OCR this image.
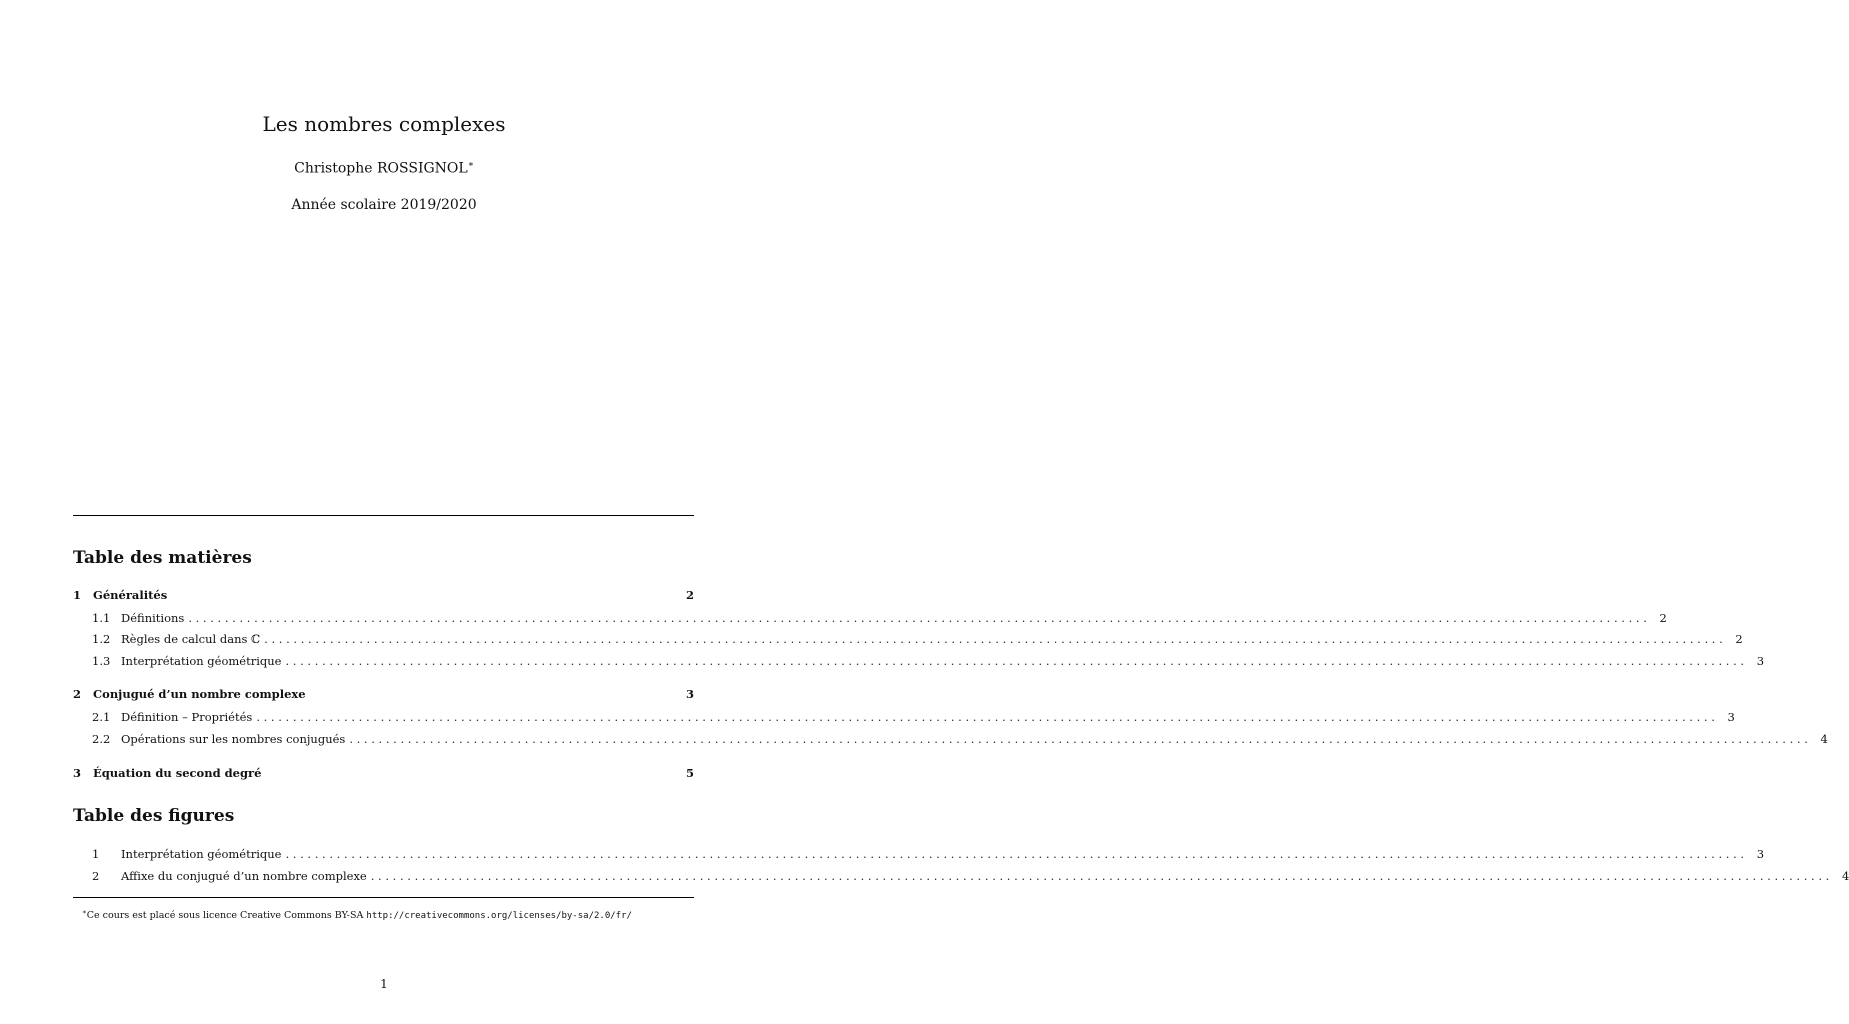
Les nombres complexes
Christophe ROSSIGNOL∗
Année scolaire 2019/2020
Table des matières
1	Généralités	2
1.1 Définitions . . . . . . . . . . . . . . . . . . . . . . . . . . . . . . . . . . . . . . . . . . . . . . . . . . . . . . . . . . . . . . . . . . . . . . . . . . . . . . . . . . . . . . . . . . . . . . . . . . . . . . . . . . . . . . . . . . . . . . . . . . . . . . . . . . . . . . . . . . . . . . . . . . . . . . . . . . . . . . . . . . . . . . . . . . . . . . . . . . . . . . . . . . . . . . . . . . . . . . . .	2
1.2 Règles de calcul dans ℂ . . . . . . . . . . . . . . . . . . . . . . . . . . . . . . . . . . . . . . . . . . . . . . . . . . . . . . . . . . . . . . . . . . . . . . . . . . . . . . . . . . . . . . . . . . . . . . . . . . . . . . . . . . . . . . . . . . . . . . . . . . . . . . . . . . . . . . . . . . . . . . . . . . . . . . . . . . . . . . . . . . . . . . . . . . . . . . . . . . . . . . . . . . . . . . . . . . . . . . . .	2
1.3 Interprétation géométrique . . . . . . . . . . . . . . . . . . . . . . . . . . . . . . . . . . . . . . . . . . . . . . . . . . . . . . . . . . . . . . . . . . . . . . . . . . . . . . . . . . . . . . . . . . . . . . . . . . . . . . . . . . . . . . . . . . . . . . . . . . . . . . . . . . . . . . . . . . . . . . . . . . . . . . . . . . . . . . . . . . . . . . . . . . . . . . . . . . . . . . . . . . . . . . . . . . . . . . . .	3
2	Conjugué d’un nombre complexe	3
2.1 Définition – Propriétés . . . . . . . . . . . . . . . . . . . . . . . . . . . . . . . . . . . . . . . . . . . . . . . . . . . . . . . . . . . . . . . . . . . . . . . . . . . . . . . . . . . . . . . . . . . . . . . . . . . . . . . . . . . . . . . . . . . . . . . . . . . . . . . . . . . . . . . . . . . . . . . . . . . . . . . . . . . . . . . . . . . . . . . . . . . . . . . . . . . . . . . . . . . . . . . . . . . . . . . .	3
2.2 Opérations sur les nombres conjugués . . . . . . . . . . . . . . . . . . . . . . . . . . . . . . . . . . . . . . . . . . . . . . . . . . . . . . . . . . . . . . . . . . . . . . . . . . . . . . . . . . . . . . . . . . . . . . . . . . . . . . . . . . . . . . . . . . . . . . . . . . . . . . . . . . . . . . . . . . . . . . . . . . . . . . . . . . . . . . . . . . . . . . . . . . . . . . . . . . . . . . . . . . . . . . . . . . . . . . . .	4
3	Équation du second degré	5
Table des figures
1	Interprétation géométrique . . . . . . . . . . . . . . . . . . . . . . . . . . . . . . . . . . . . . . . . . . . . . . . . . . . . . . . . . . . . . . . . . . . . . . . . . . . . . . . . . . . . . . . . . . . . . . . . . . . . . . . . . . . . . . . . . . . . . . . . . . . . . . . . . . . . . . . . . . . . . . . . . . . . . . . . . . . . . . . . . . . . . . . . . . . . . . . . . . . . . . . . . . . . . . . . . . . . . . . .	3
2	Affixe du conjugué d’un nombre complexe . . . . . . . . . . . . . . . . . . . . . . . . . . . . . . . . . . . . . . . . . . . . . . . . . . . . . . . . . . . . . . . . . . . . . . . . . . . . . . . . . . . . . . . . . . . . . . . . . . . . . . . . . . . . . . . . . . . . . . . . . . . . . . . . . . . . . . . . . . . . . . . . . . . . . . . . . . . . . . . . . . . . . . . . . . . . . . . . . . . . . . . . . . . . . . . . . . . . . . . .	4
∗Ce cours est placé sous licence Creative Commons BY-SA http://creativecommons.org/licenses/by-sa/2.0/fr/
1
